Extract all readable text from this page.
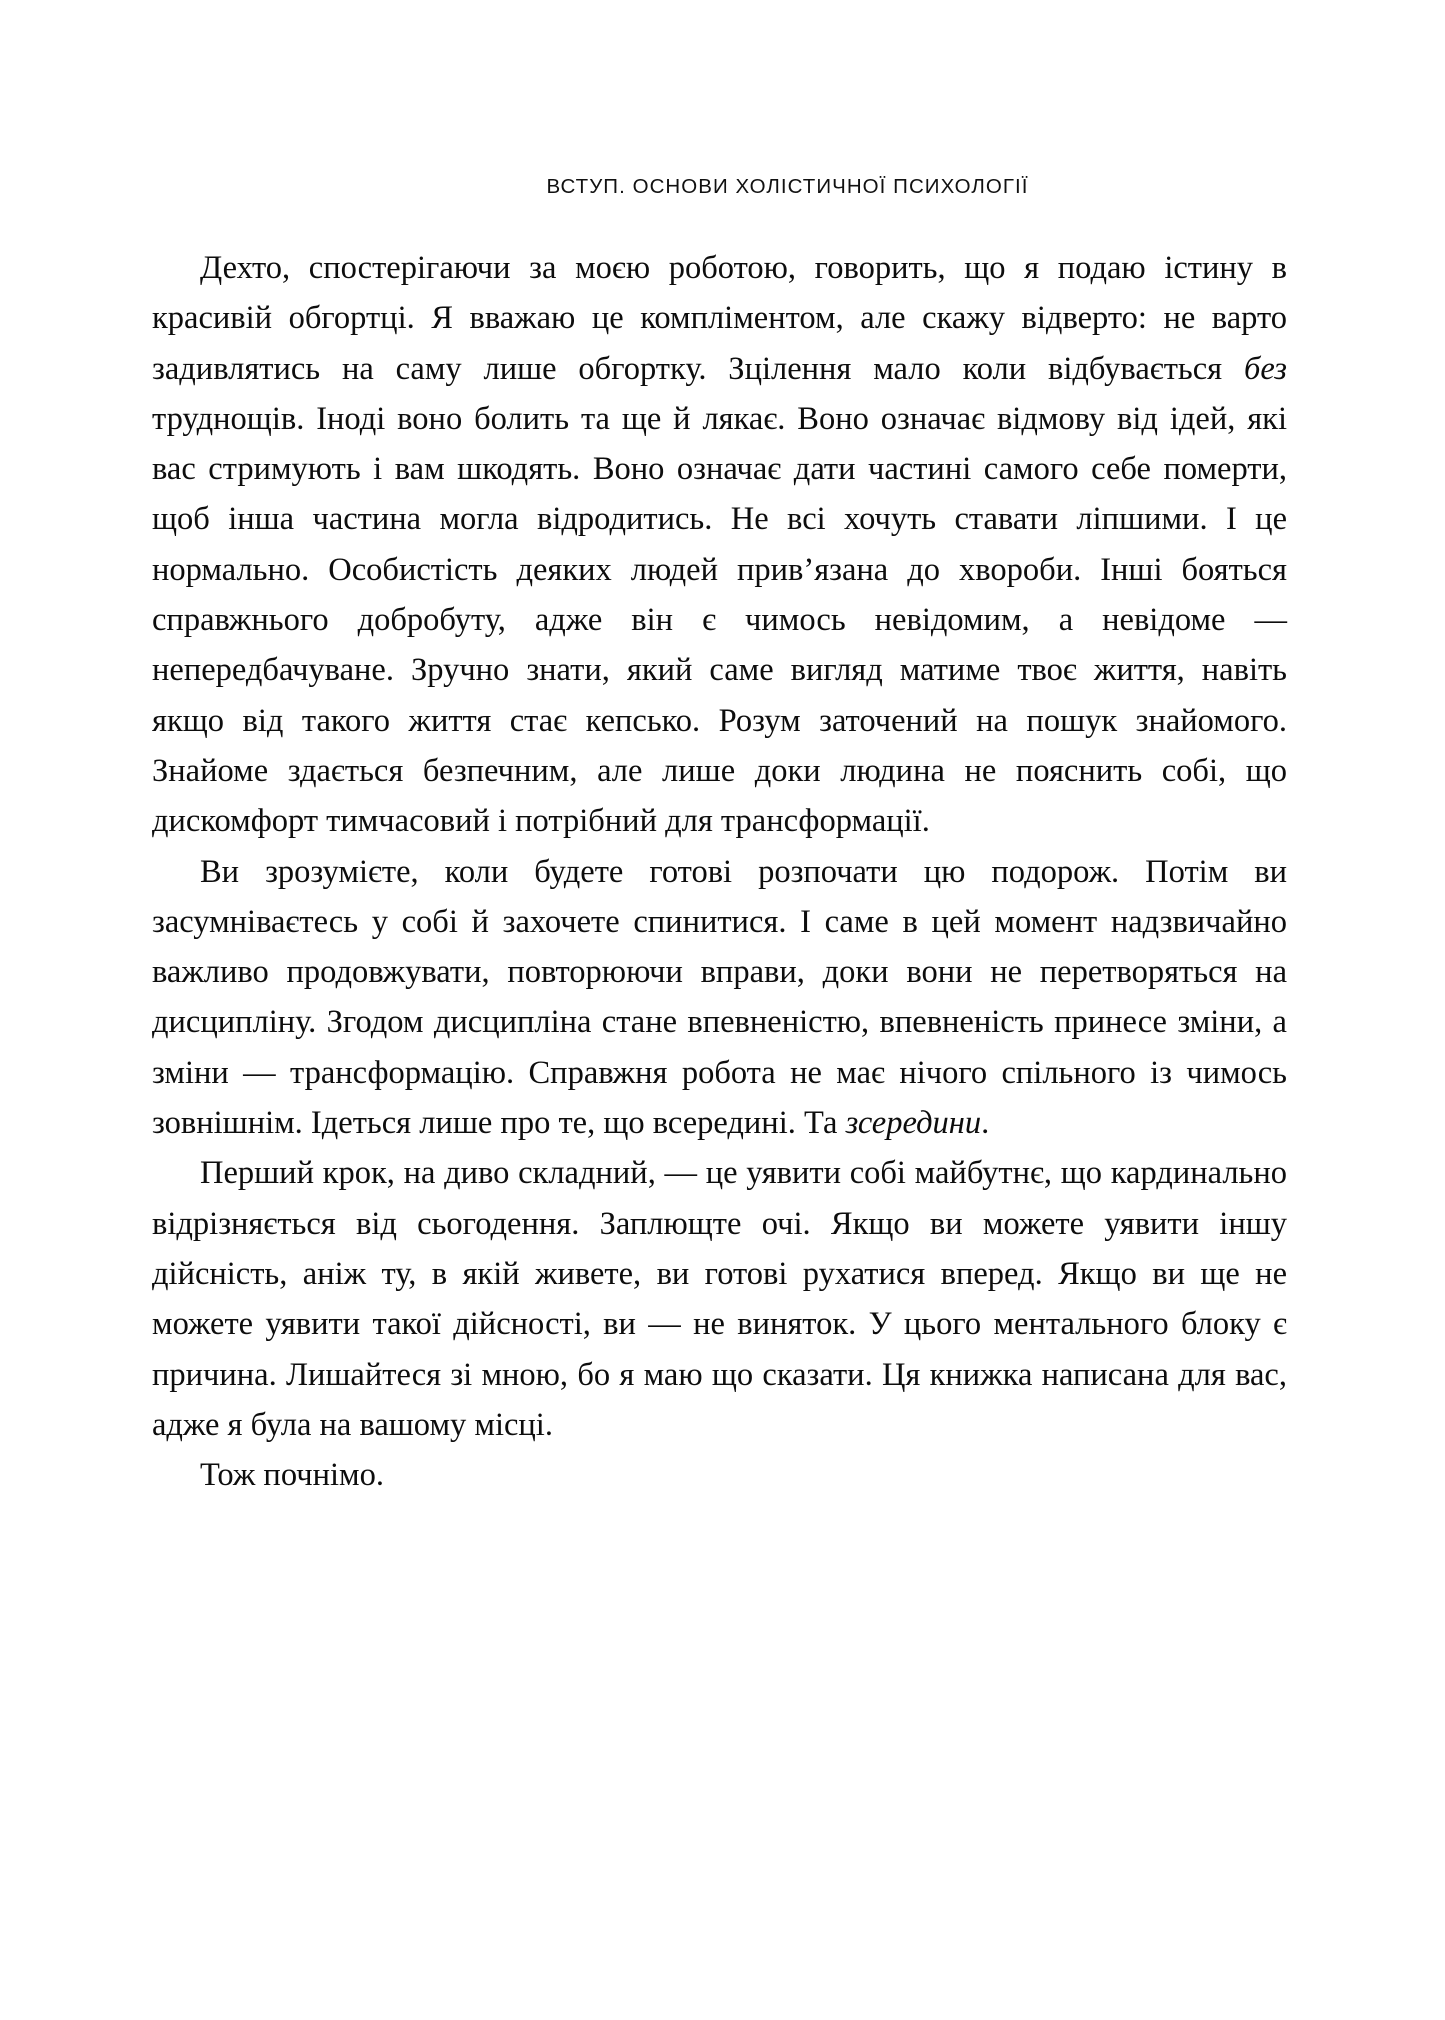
ВСТУП. ОСНОВИ ХОЛІСТИЧНОЇ ПСИХОЛОГІЇ

Дехто, спостерігаючи за моєю роботою, говорить, що я подаю істину в красивій обгортці. Я вважаю це компліментом, але скажу відверто: не варто задивлятись на саму лише обгортку. Зцілення мало коли відбувається без труднощів. Іноді воно болить та ще й лякає. Воно означає відмову від ідей, які вас стримують і вам шкодять. Воно означає дати частині самого себе померти, щоб інша частина могла відродитись. Не всі хочуть ставати ліпшими. І це нормально. Особистість деяких людей прив’язана до хвороби. Інші бояться справжнього добробуту, адже він є чимось невідомим, а невідоме — непередбачуване. Зручно знати, який саме вигляд матиме твоє життя, навіть якщо від такого життя стає кепсько. Розум заточений на пошук знайомого. Знайоме здається безпечним, але лише доки людина не пояснить собі, що дискомфорт тимчасовий і потрібний для трансформації.

Ви зрозумієте, коли будете готові розпочати цю подорож. Потім ви засумніваєтесь у собі й захочете спинитися. І саме в цей момент надзвичайно важливо продовжувати, повторюючи вправи, доки вони не перетворяться на дисципліну. Згодом дисципліна стане впевненістю, впевненість принесе зміни, а зміни — трансформацію. Справжня робота не має нічого спільного із чимось зовнішнім. Ідеться лише про те, що всередині. Та зсередини.

Перший крок, на диво складний, — це уявити собі майбутнє, що кардинально відрізняється від сьогодення. Заплющте очі. Якщо ви можете уявити іншу дійсність, аніж ту, в якій живете, ви готові рухатися вперед. Якщо ви ще не можете уявити такої дійсності, ви — не виняток. У цього ментального блоку є причина. Лишайтеся зі мною, бо я маю що сказати. Ця книжка написана для вас, адже я була на вашому місці.

Тож почнімо.
